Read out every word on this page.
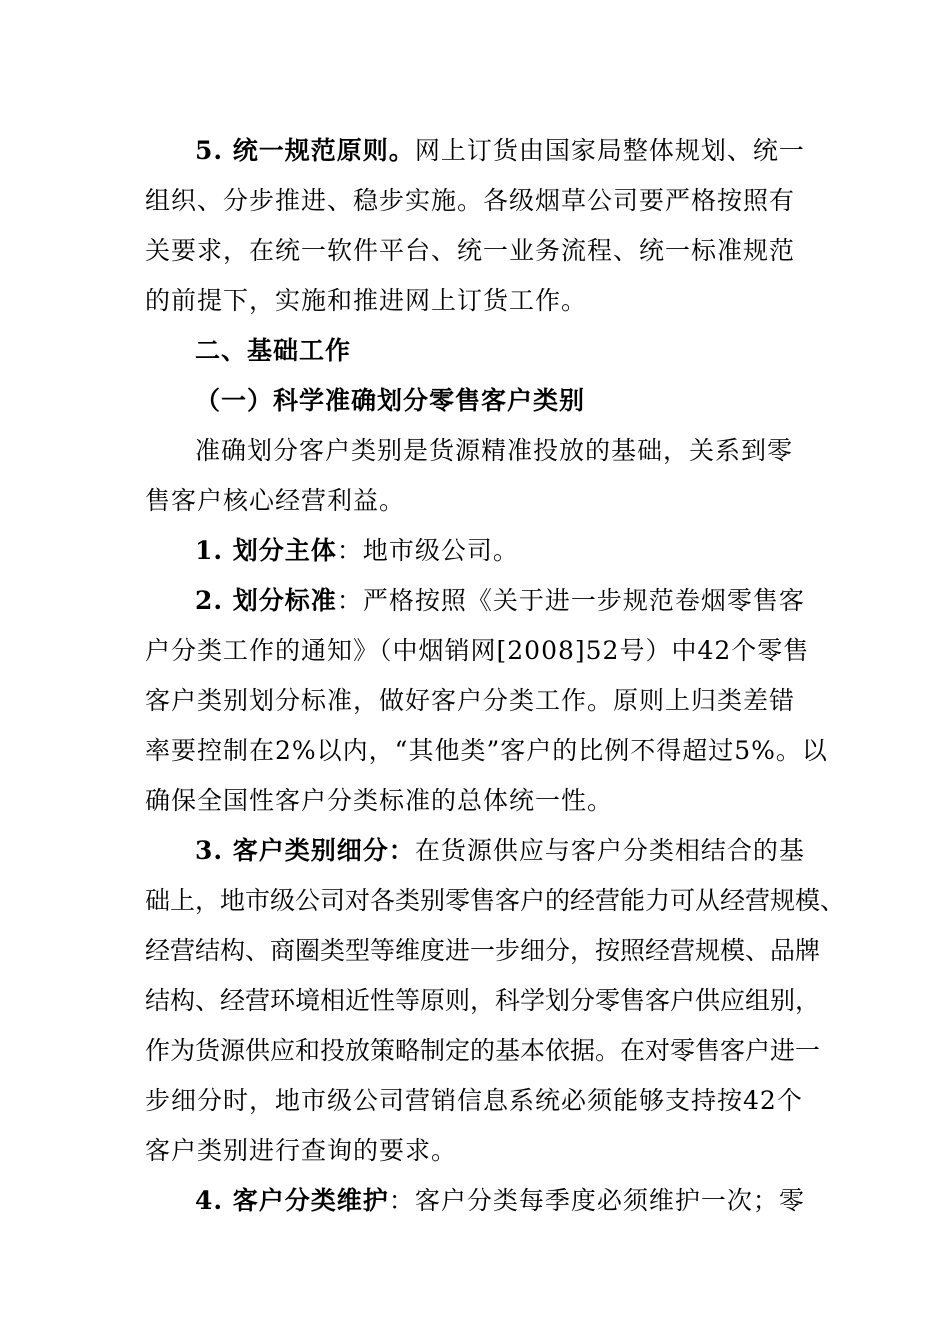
5. 统一规范原则。网上订货由国家局整体规划、统一
组织、分步推进、稳步实施。各级烟草公司要严格按照有
关要求，在统一软件平台、统一业务流程、统一标准规范
的前提下，实施和推进网上订货工作。
二、基础工作
（一）科学准确划分零售客户类别
准确划分客户类别是货源精准投放的基础，关系到零
售客户核心经营利益。
1. 划分主体：地市级公司。
2. 划分标准：严格按照《关于进一步规范卷烟零售客
户分类工作的通知》（中烟销网[2008]52号）中42个零售
客户类别划分标准，做好客户分类工作。原则上归类差错
率要控制在2%以内，“其他类”客户的比例不得超过5%。以
确保全国性客户分类标准的总体统一性。
3. 客户类别细分：在货源供应与客户分类相结合的基
础上，地市级公司对各类别零售客户的经营能力可从经营规模、
经营结构、商圈类型等维度进一步细分，按照经营规模、品牌
结构、经营环境相近性等原则，科学划分零售客户供应组别，
作为货源供应和投放策略制定的基本依据。在对零售客户进一
步细分时，地市级公司营销信息系统必须能够支持按42个
客户类别进行查询的要求。
4. 客户分类维护：客户分类每季度必须维护一次；零
